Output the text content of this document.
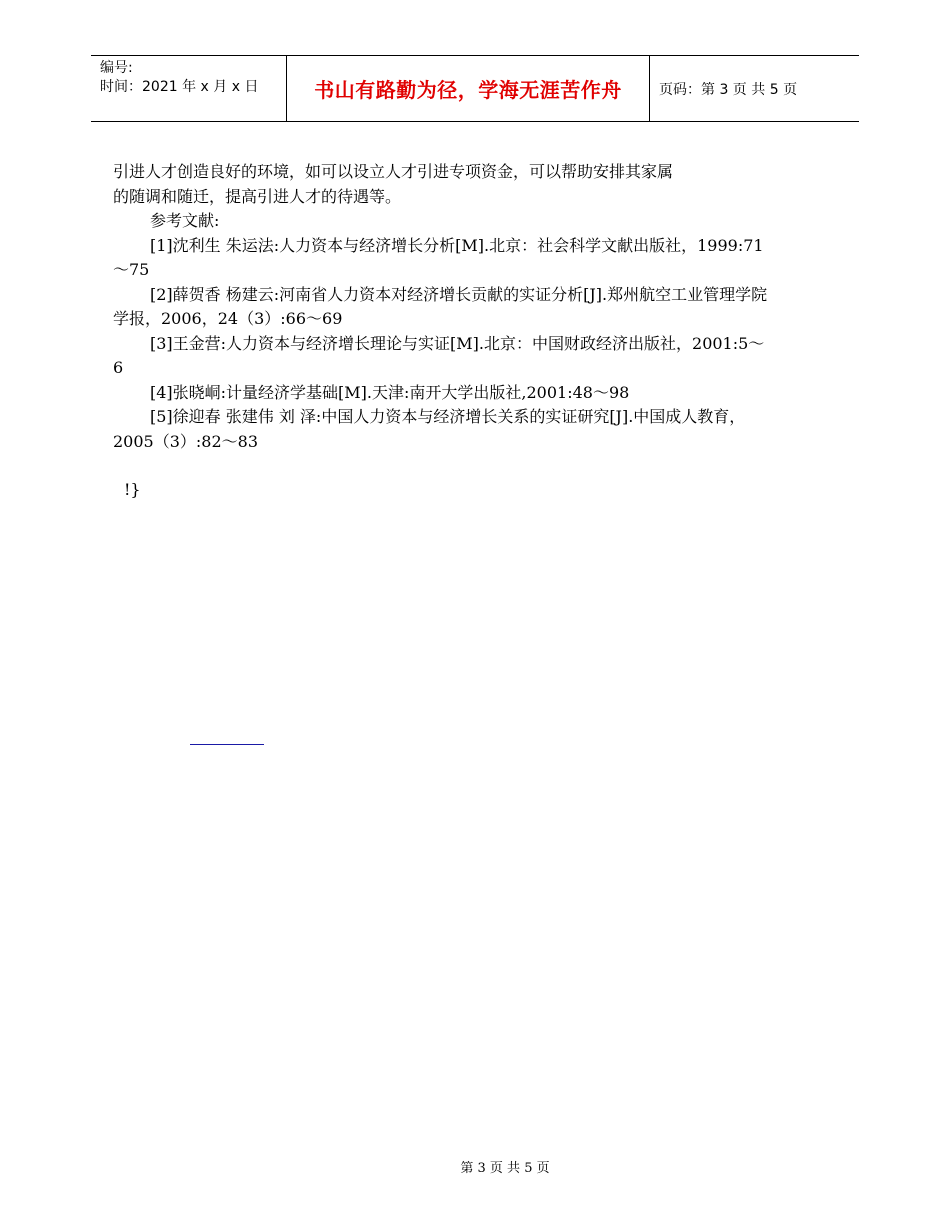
编号:
时间：2021 年 x 月 x 日	书山有路勤为径，学海无涯苦作舟	页码：第 3 页 共 5 页

引进人才创造良好的环境，如可以设立人才引进专项资金，可以帮助安排其家属

的随调和随迁，提高引进人才的待遇等。

参考文献:

[1]沈利生 朱运法:人力资本与经济增长分析[M].北京：社会科学文献出版社，1999:71～75

[2]薛贺香 杨建云:河南省人力资本对经济增长贡献的实证分析[J].郑州航空工业管理学院学报，2006，24（3）:66～69

[3]王金营:人力资本与经济增长理论与实证[M].北京：中国财政经济出版社，2001:5～6

[4]张晓峒:计量经济学基础[M].天津:南开大学出版社,2001:48～98

[5]徐迎春 张建伟 刘 泽:中国人力资本与经济增长关系的实证研究[J].中国成人教育，2005（3）:82～83

!}
第 3 页 共 5 页
